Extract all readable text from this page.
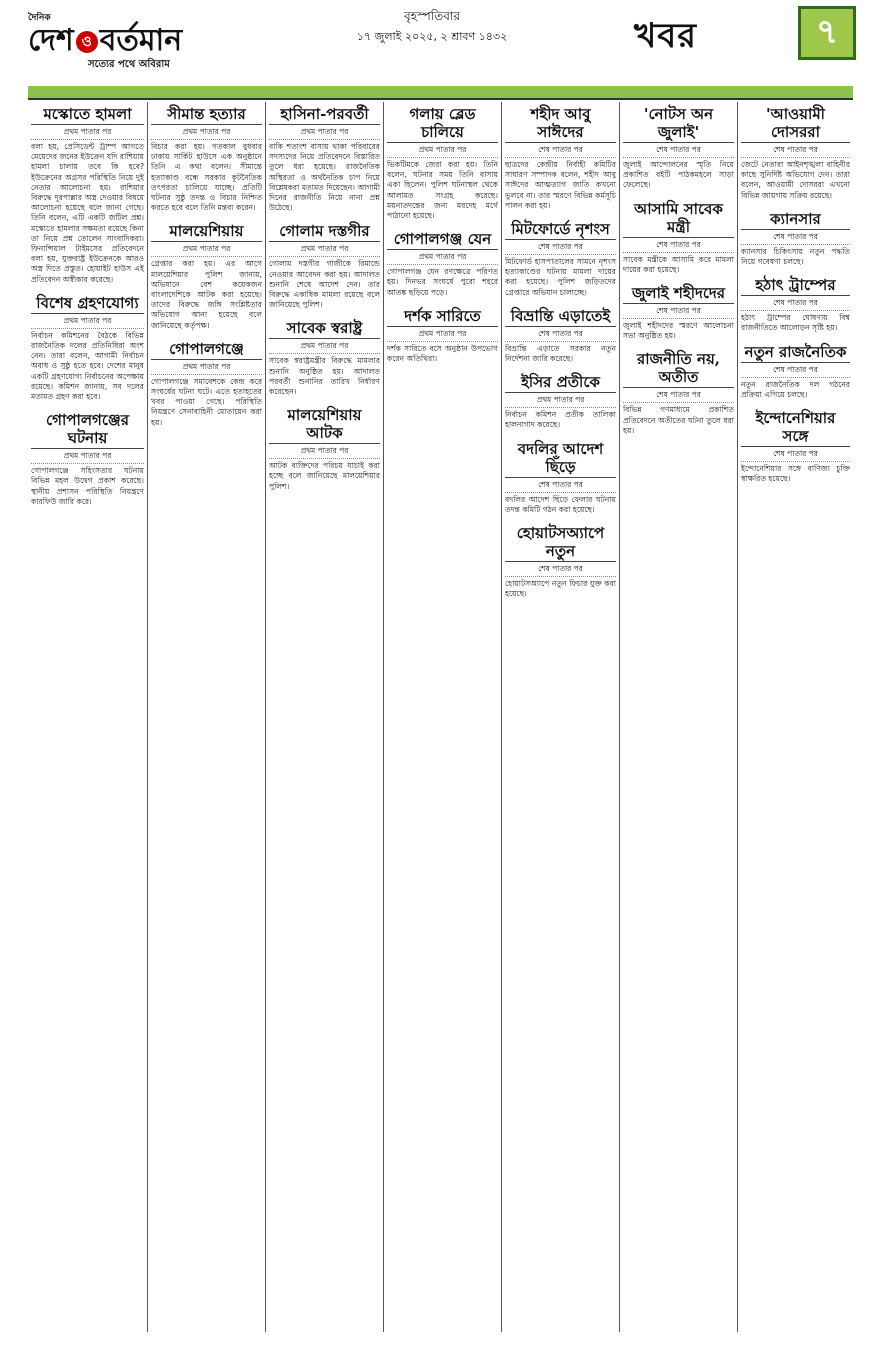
দৈনিক
দেশ ও বর্তমান
সত্যের পথে অবিরাম
বৃহস্পতিবার
১৭ জুলাই ২০২৫, ২ শ্রাবণ ১৪৩২	খবর	৭
মস্কোতে হামলা
প্রথম পাতার পর
বলা হয়, প্রেসিডেন্ট ট্রাম্প আগতে মেয়েদের জনের ইউক্রেন যদি রাশিয়ায় হামলা চালায় তবে কি হবে? ইউক্রেনের অগ্রসর পরিস্থিতি নিয়ে দুই নেতার আলোচনা হয়। রাশিয়ার বিরুদ্ধে দূরপাল্লার অস্ত্র দেওয়ার বিষয়ে আলোচনা হয়েছে বলে জানা গেছে। তিনি বলেন, এটি একটি জটিল প্রশ্ন। মস্কোতে হামলার সক্ষমতা রয়েছে কিনা তা নিয়ে প্রশ্ন তোলেন সাংবাদিকরা। ফিনান্সিয়াল টাইমসের প্রতিবেদনে বলা হয়, যুক্তরাষ্ট্র ইউক্রেনকে আরও অস্ত্র দিতে প্রস্তুত। হোয়াইট হাউস এই প্রতিবেদন অস্বীকার করেছে।
বিশেষ গ্রহণযোগ্য
প্রথম পাতার পর
নির্বাচন কমিশনের বৈঠকে বিভিন্ন রাজনৈতিক দলের প্রতিনিধিরা অংশ নেন। তারা বলেন, আগামী নির্বাচন অবাধ ও সুষ্ঠু হতে হবে। দেশের মানুষ একটি গ্রহণযোগ্য নির্বাচনের অপেক্ষায় রয়েছে। কমিশন জানায়, সব দলের মতামত গ্রহণ করা হবে।
গোপালগঞ্জের ঘটনায়
প্রথম পাতার পর
গোপালগঞ্জে সহিংসতার ঘটনায় বিভিন্ন মহল উদ্বেগ প্রকাশ করেছে। স্থানীয় প্রশাসন পরিস্থিতি নিয়ন্ত্রণে কারফিউ জারি করে।
সীমান্ত হত্যার
প্রথম পাতার পর
বিচার করা হয়। গতকাল বুধবার ঢাকায় সার্কিট হাউসে এক অনুষ্ঠানে তিনি এ কথা বলেন। সীমান্তে হত্যাকাণ্ড বন্ধে সরকার কূটনৈতিক তৎপরতা চালিয়ে যাচ্ছে। প্রতিটি ঘটনার সুষ্ঠু তদন্ত ও বিচার নিশ্চিত করতে হবে বলে তিনি মন্তব্য করেন।
মালয়েশিয়ায়
প্রথম পাতার পর
গ্রেপ্তার করা হয়। এর আগে মালয়েশিয়ার পুলিশ জানায়, অভিযানে বেশ কয়েকজন বাংলাদেশিকে আটক করা হয়েছে। তাদের বিরুদ্ধে জঙ্গি সংশ্লিষ্টতার অভিযোগ আনা হয়েছে বলে জানিয়েছে কর্তৃপক্ষ।
গোপালগঞ্জে
প্রথম পাতার পর
গোপালগঞ্জে সমাবেশকে কেন্দ্র করে সংঘর্ষের ঘটনা ঘটে। এতে হতাহতের খবর পাওয়া গেছে। পরিস্থিতি নিয়ন্ত্রণে সেনাবাহিনী মোতায়েন করা হয়।
হাসিনা-পরবর্তী
প্রথম পাতার পর
বাকি শতাংশ বাসায় থাকা পরিবারের সদস্যদের নিয়ে প্রতিবেদনে বিস্তারিত তুলে ধরা হয়েছে। রাজনৈতিক অস্থিরতা ও অর্থনৈতিক চাপ নিয়ে বিশ্লেষকরা মতামত দিয়েছেন। আগামী দিনের রাজনীতি নিয়ে নানা প্রশ্ন উঠেছে।
গোলাম দস্তগীর
প্রথম পাতার পর
গোলাম দস্তগীর গাজীকে রিমান্ডে নেওয়ার আবেদন করা হয়। আদালত শুনানি শেষে আদেশ দেন। তার বিরুদ্ধে একাধিক মামলা রয়েছে বলে জানিয়েছে পুলিশ।
সাবেক স্বরাষ্ট্র
প্রথম পাতার পর
সাবেক স্বরাষ্ট্রমন্ত্রীর বিরুদ্ধে মামলার শুনানি অনুষ্ঠিত হয়। আদালত পরবর্তী শুনানির তারিখ নির্ধারণ করেছেন।
মালয়েশিয়ায় আটক
প্রথম পাতার পর
আটক ব্যক্তিদের পরিচয় যাচাই করা হচ্ছে বলে জানিয়েছে মালয়েশিয়ার পুলিশ।
গলায় ব্লেড চালিয়ে
প্রথম পাতার পর
ভিকটিমকে জেরা করা হয়। তিনি বলেন, ঘটনার সময় তিনি বাসায় একা ছিলেন। পুলিশ ঘটনাস্থল থেকে আলামত সংগ্রহ করেছে। ময়নাতদন্তের জন্য মরদেহ মর্গে পাঠানো হয়েছে।
গোপালগঞ্জ যেন
প্রথম পাতার পর
গোপালগঞ্জ যেন রণক্ষেত্রে পরিণত হয়। দিনভর সংঘর্ষে পুরো শহরে আতঙ্ক ছড়িয়ে পড়ে।
দর্শক সারিতে
প্রথম পাতার পর
দর্শক সারিতে বসে অনুষ্ঠান উপভোগ করেন অতিথিরা।
শহীদ আবু সাঈদের
শেষ পাতার পর
ছাত্রদের কেন্দ্রীয় নির্বাহী কমিটির সাধারণ সম্পাদক বলেন, শহীদ আবু সাঈদের আত্মত্যাগ জাতি কখনো ভুলবে না। তার স্মরণে বিভিন্ন কর্মসূচি পালন করা হয়।
মিটফোর্ডে নৃশংস
শেষ পাতার পর
মিটফোর্ড হাসপাতালের সামনে নৃশংস হত্যাকাণ্ডের ঘটনায় মামলা দায়ের করা হয়েছে। পুলিশ জড়িতদের গ্রেপ্তারে অভিযান চালাচ্ছে।
বিভ্রান্তি এড়াতেই
শেষ পাতার পর
বিভ্রান্তি এড়াতে সরকার নতুন নির্দেশনা জারি করেছে।
ইসির প্রতীকে
প্রথম পাতার পর
নির্বাচন কমিশন প্রতীক তালিকা হালনাগাদ করেছে।
বদলির আদেশ ছিঁড়ে
শেষ পাতার পর
বদলির আদেশ ছিঁড়ে ফেলার ঘটনায় তদন্ত কমিটি গঠন করা হয়েছে।
হোয়াটসঅ্যাপে নতুন
শেষ পাতার পর
হোয়াটসঅ্যাপে নতুন ফিচার যুক্ত করা হয়েছে।
'নোটস অন জুলাই'
শেষ পাতার পর
জুলাই আন্দোলনের স্মৃতি নিয়ে প্রকাশিত বইটি পাঠকমহলে সাড়া ফেলেছে।
আসামি সাবেক মন্ত্রী
শেষ পাতার পর
সাবেক মন্ত্রীকে আসামি করে মামলা দায়ের করা হয়েছে।
জুলাই শহীদদের
শেষ পাতার পর
জুলাই শহীদদের স্মরণে আলোচনা সভা অনুষ্ঠিত হয়।
রাজনীতি নয়, অতীত
শেষ পাতার পর
বিভিন্ন গণমাধ্যমে প্রকাশিত প্রতিবেদনে অতীতের ঘটনা তুলে ধরা হয়।
'আওয়ামী দোসররা
শেষ পাতার পর
জেটে নেতারা আইনশৃঙ্খলা বাহিনীর কাছে সুনির্দিষ্ট অভিযোগ দেন। তারা বলেন, আওয়ামী দোসররা এখনো বিভিন্ন জায়গায় সক্রিয় রয়েছে।
ক্যানসার
শেষ পাতার পর
ক্যানসার চিকিৎসায় নতুন পদ্ধতি নিয়ে গবেষণা চলছে।
হঠাৎ ট্রাম্পের
শেষ পাতার পর
হঠাৎ ট্রাম্পের ঘোষণায় বিশ্ব রাজনীতিতে আলোড়ন সৃষ্টি হয়।
নতুন রাজনৈতিক
শেষ পাতার পর
নতুন রাজনৈতিক দল গঠনের প্রক্রিয়া এগিয়ে চলছে।
ইন্দোনেশিয়ার সঙ্গে
শেষ পাতার পর
ইন্দোনেশিয়ার সঙ্গে বাণিজ্য চুক্তি স্বাক্ষরিত হয়েছে।
